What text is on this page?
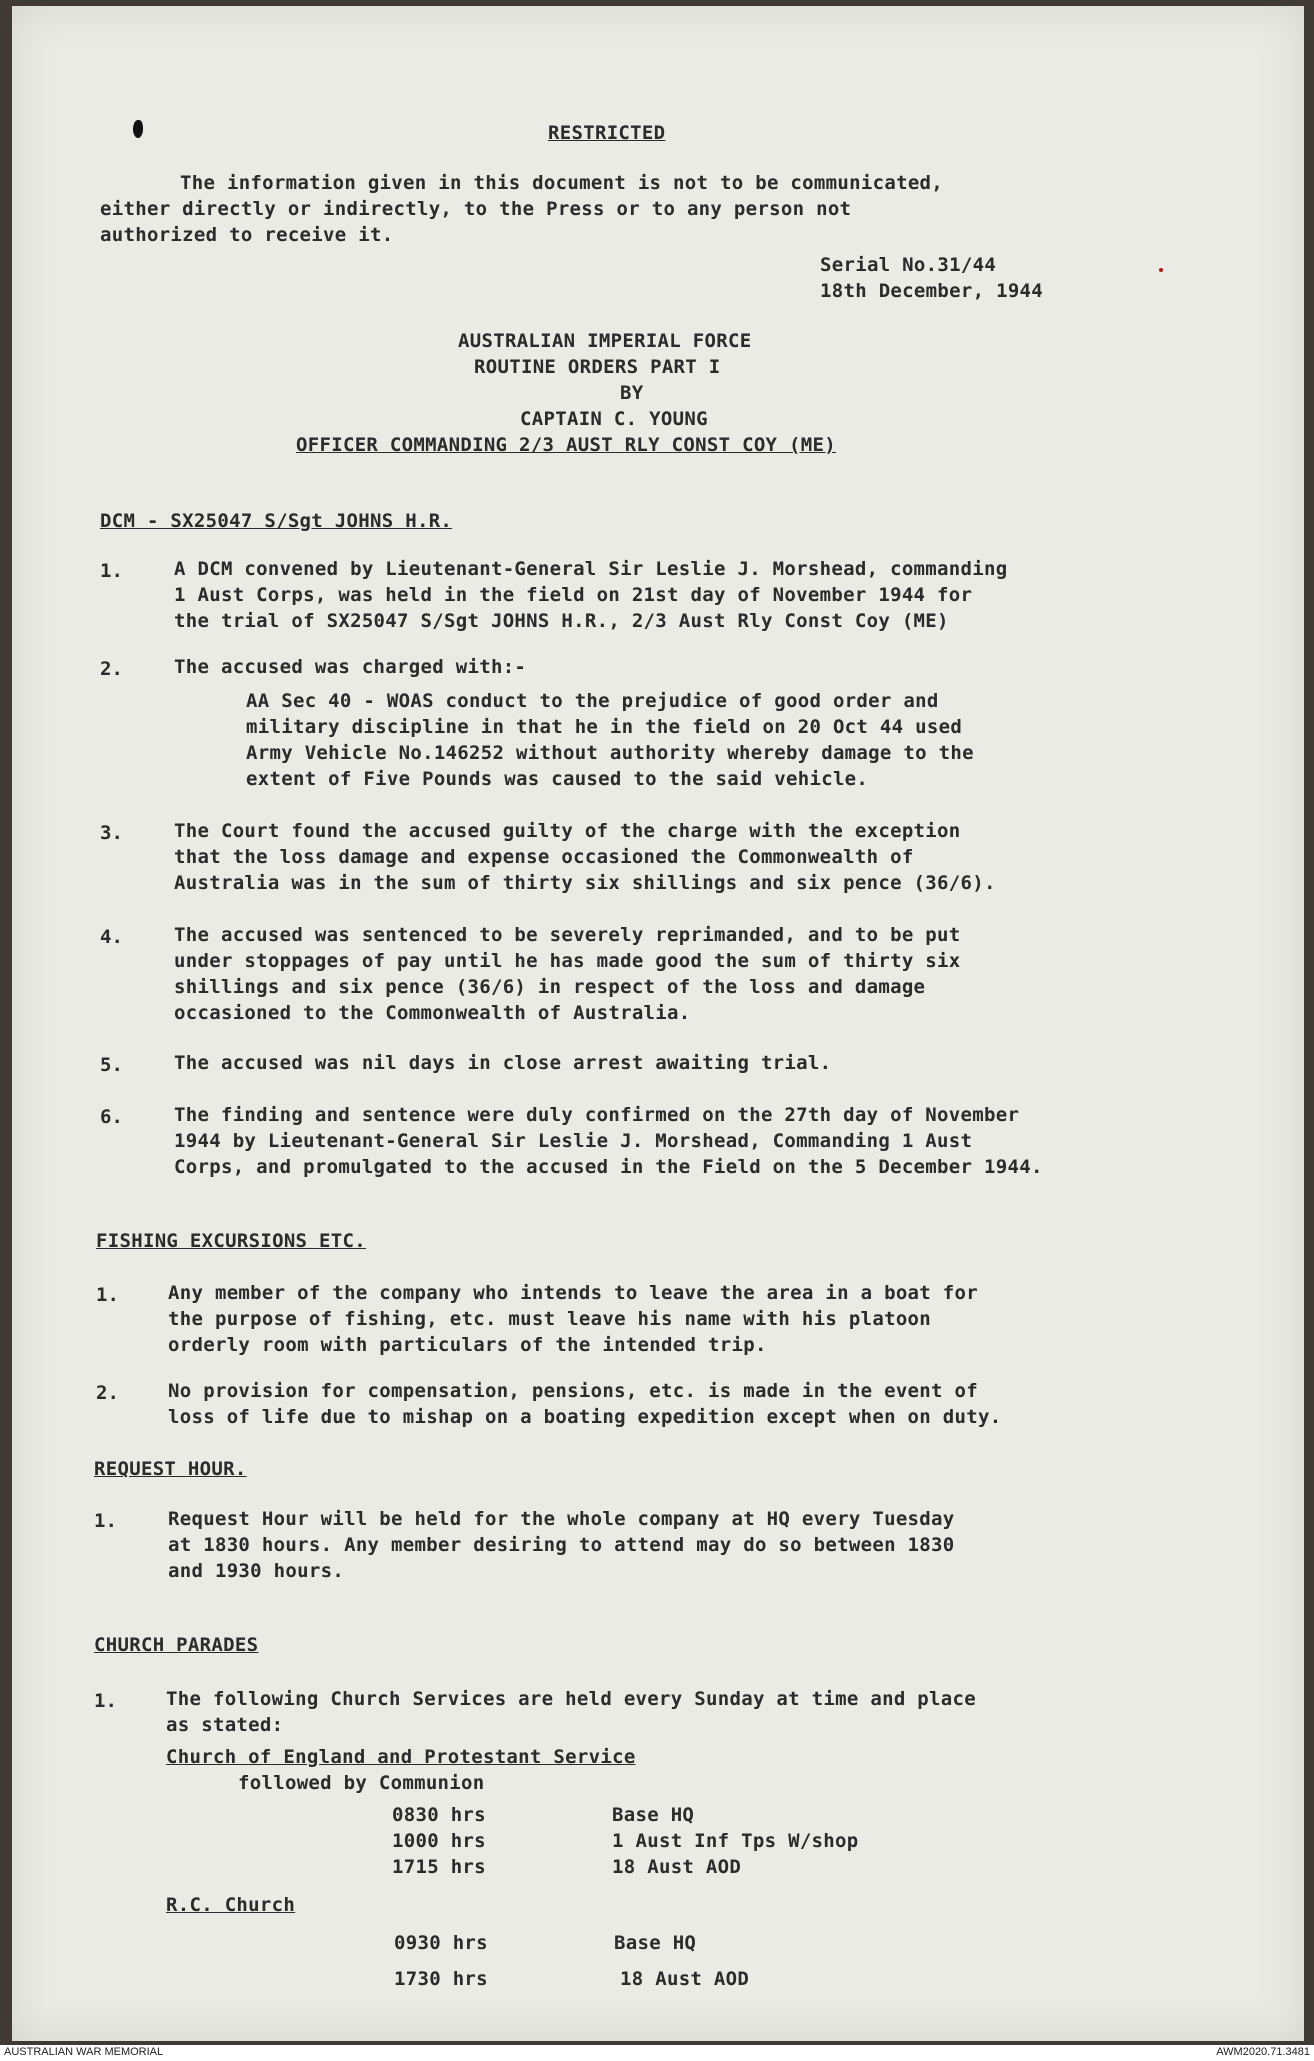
RESTRICTED
The information given in this document is not to be communicated,
either directly or indirectly, to the Press or to any person not
authorized to receive it.
Serial No.31/44
18th December, 1944
AUSTRALIAN IMPERIAL FORCE
ROUTINE ORDERS PART I
BY
CAPTAIN C. YOUNG
OFFICER COMMANDING 2/3 AUST RLY CONST COY (ME)
DCM - SX25047 S/Sgt JOHNS H.R.
1.	A DCM convened by Lieutenant-General Sir Leslie J. Morshead, commanding
1 Aust Corps, was held in the field on 21st day of November 1944 for
the trial of SX25047 S/Sgt JOHNS H.R., 2/3 Aust Rly Const Coy (ME)
2.	The accused was charged with:-
AA Sec 40 - WOAS conduct to the prejudice of good order and
military discipline in that he in the field on 20 Oct 44 used
Army Vehicle No.146252 without authority whereby damage to the
extent of Five Pounds was caused to the said vehicle.
3.	The Court found the accused guilty of the charge with the exception
that the loss damage and expense occasioned the Commonwealth of
Australia was in the sum of thirty six shillings and six pence (36/6).
4.	The accused was sentenced to be severely reprimanded, and to be put
under stoppages of pay until he has made good the sum of thirty six
shillings and six pence (36/6) in respect of the loss and damage
occasioned to the Commonwealth of Australia.
5.	The accused was nil days in close arrest awaiting trial.
6.	The finding and sentence were duly confirmed on the 27th day of November
1944 by Lieutenant-General Sir Leslie J. Morshead, Commanding 1 Aust
Corps, and promulgated to the accused in the Field on the 5 December 1944.
FISHING EXCURSIONS ETC.
1.	Any member of the company who intends to leave the area in a boat for
the purpose of fishing, etc. must leave his name with his platoon
orderly room with particulars of the intended trip.
2.	No provision for compensation, pensions, etc. is made in the event of
loss of life due to mishap on a boating expedition except when on duty.
REQUEST HOUR.
1.	Request Hour will be held for the whole company at HQ every Tuesday
at 1830 hours. Any member desiring to attend may do so between 1830
and 1930 hours.
CHURCH PARADES
1.	The following Church Services are held every Sunday at time and place
as stated:
Church of England and Protestant Service
followed by Communion
0830 hrs	Base HQ
1000 hrs	1 Aust Inf Tps W/shop
1715 hrs	18 Aust AOD
R.C. Church
0930 hrs	Base HQ
1730 hrs	18 Aust AOD
AUSTRALIAN WAR MEMORIAL	AWM2020.71.3481
